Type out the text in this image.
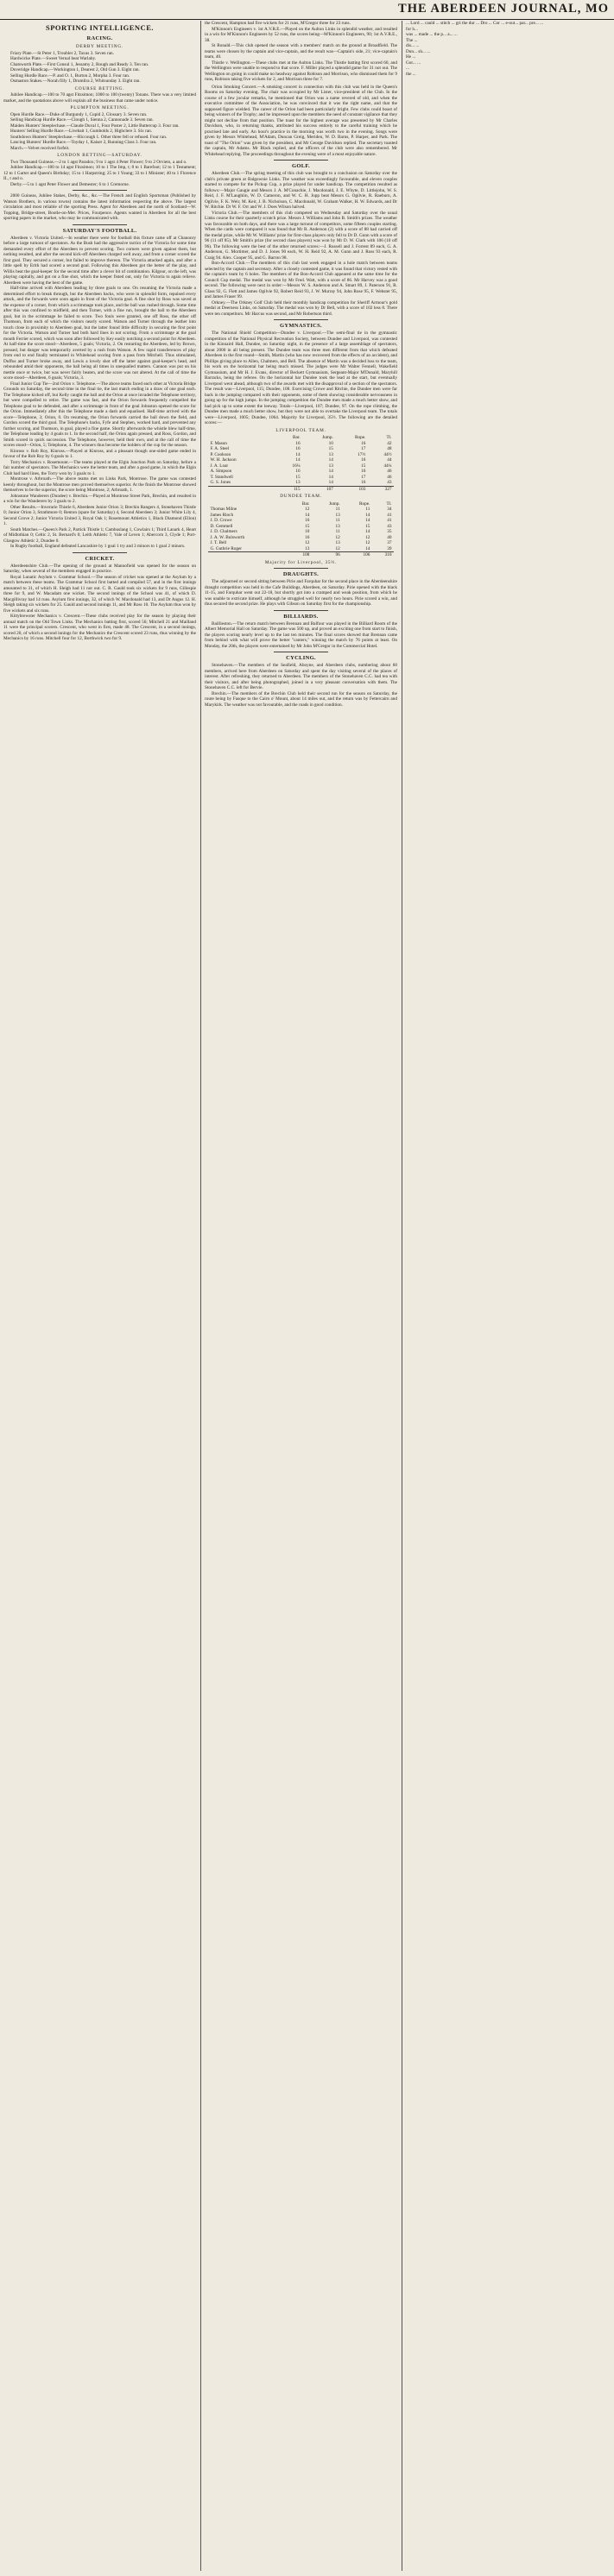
THE ABERDEEN JOURNAL, MO
SPORTING INTELLIGENCE.
RACING.
DERBY MEETING.

Friary Plate.—St Peter 1, Troubler 2, Taxus 3. Seven ran.

Hardwicke Plate.—Sweet Vernal beat Warlaby.

Chatsworth Plate.—First Consul 1, Jessamy 2, Rough and Ready 3. Ten ran.

Doveridge Handicap.—Workington 1, Dearest 2, Old Gun 3. Eight ran.

Selling Hurdle Race.—P. and O. 1, Burton 2, Morpha 3. Four ran.

Osmaston Stakes.—Norah filly 1, Drumlira 2, Whitsunday 3. Eight ran.

COURSE BETTING.

Jubilee Handicap.—100 to 70 agst Fitzsimon; 1000 to 100 (twenty) Tonans. There was a very limited market, and the quotations above will explain all the business that came under notice.

PLUMPTON MEETING.

Open Hurdle Race.—Duke of Burgundy 1, Cupid 2, Glossary 3. Seven ran.

Selling Handicap Hurdle Race.—Clough 1, Sienna 2, Cannonade 3. Seven ran.

Maiden Hunters' Steeplechase.—Claude Duval 1, Four Poster 2, Little Buttercup 3. Four ran.

Hunters' Selling Hurdle Race.—Livebait 1, Gumbolds 2, Highclere 3. Six ran.

Southdown Hunters' Steeplechase.—Hiccough 1. Other three fell or refused. Four ran.

Lancing Hunters' Hurdle Race.—Toyday 1, Kaiser 2, Running Clara 3. Four ran.

March.—Velvet received forfeit.

LONDON BETTING—SATURDAY.

Two Thousand Guineas.—2 to 1 agst Paradox; 9 to 1 agst 4 Peter Flower; 9 to 2 Orvieto, a and o.

Jubilee Handicap.—100 to 14 agst Fitzsimon; 10 to 1 The Imp, t; 8 to 1 Barefoot; 12 to 1 Testament; 12 to 1 Garter and Queen's Birthday; 15 to 1 Harpstring; 25 to 1 Young; 33 to 1 Minister; 40 to 1 Florence II., t and o.

Derby.—5 to 1 agst Peter Flower and Demester; 6 to 1 Cremorne.

2000 Guineas, Jubilee Stakes, Derby, &c., &c.—The French and English Sportsman (Published by Watson Brothers, in various towns) contains the latest information respecting the above. The largest circulation and most reliable of the sporting Press. Agent for Aberdeen and the north of Scotland—W. Topping, Bridge-street, Bootle-on-Mer. Prices, Fourpence. Agents wanted in Aberdeen for all the best sporting papers in the market, who may be communicated with.

SATURDAY'S FOOTBALL.

Aberdeen v. Victoria United.—In weather there were for football this fixture came off at Chanonry before a large turnout of spectators. As the Bush had the aggressive tactics of the Victoria for some time demanded every effort of the Aberdeen to prevent scoring. Two corners were given against them, but nothing resulted, and after the second kick-off Aberdeen charged well away, and from a corner scored the first goal. They secured a corner, but failed to improve thereon. The Victoria attacked again, and after a little spell by Erith had scored a second goal. Following this Aberdeen got the better of the play, and Willis beat the goal-keeper for the second time after a clever bit of combination. Kilgour, on the left, was playing capitally, and got on a fine shot, which the keeper fisted out, only for Victoria to again relieve. Aberdeen were having the best of the game.

Half-time arrived with Aberdeen leading by three goals to one. On resuming the Victoria made a determined effort to break through, but the Aberdeen backs, who were in splendid form, repulsed every attack, and the forwards were soon again in front of the Victoria goal. A fine shot by Ross was saved at the expense of a corner, from which a scrimmage took place, and the ball was rushed through. Some time after this was confined to midfield, and then Turner, with a fine run, brought the ball to the Aberdeen goal, but in the scrimmage he failed to score. Two fouls were granted, one off Ross, the other off Thomson, from each of which the visitors nearly scored. Watson and Turner through the leather into touch close in proximity to Aberdeen goal, but the latter found little difficulty in securing the first point for the Victoria. Watson and Turner had both hard lines in not scoring. From a scrimmage at the goal mouth Ferrier scored, which was soon after followed by Key easily notching a second point for Aberdeen. At half-time the score stood—Aberdeen, 5 goals; Victoria, 2. On restarting the Aberdeen, led by Brown, pressed, but danger was temporarily averted by a rush from Watson. A few rapid transferences of play from end to end finally terminated in Whitehead scoring from a pass from Mitchell. Thus stimulated, Duffus and Turner broke away, and Lewis a lovely shot off the latter against goal-keeper's head, and rebounded amid their opponents, the ball being all times in unequalled matters. Cannon was put on his mettle once or twice, but was never fairly beaten, and the score was not altered. At the call of time the score stood—Aberdeen, 6 goals; Victoria, 3.

Final Junior Cup Tie—2nd Orion v. Telephone.—The above teams faced each other at Victoria Bridge Grounds on Saturday, the second time in the final tie, the last match ending in a draw of one goal each. The Telephone kicked off, but Kelly caught the ball and the Orion at once invaded the Telephone territory, but were compelled to retire. The game was fast, and the Orion forwards frequently compelled the Telephone goal to be defended, and after a scrimmage in front of the goal Johnston opened the score for the Orion. Immediately after this the Telephone made a dash and equalised. Half-time arrived with the score—Telephone, 3; Orion, 0. On resuming, the Orion forwards carried the ball down the field, and Gordon scored the third goal. The Telephone's backs, Fyfe and Stephen, worked hard, and prevented any further scoring, and Thomson, in goal, played a fine game. Shortly afterwards the whistle blew half-time, the Telephone leading by 4 goals to 1. In the second half, the Orion again pressed, and Ross, Gordon, and Smith scored in quick succession. The Telephone, however, held their own, and at the call of time the scores stood—Orion, 5; Telephone, 4. The winners thus become the holders of the cup for the season.

Kinross v. Rob Roy, Kinross.—Played at Kinross, and a pleasant though one-sided game ended in favour of the Rob Roy by 6 goals to 1.

Torry Mechanics v. Rosemount.—The teams played at the Elgin Junction Park on Saturday, before a fair number of spectators. The Mechanics were the better team, and after a good game, in which the Elgin Club had hard lines, the Torry won by 3 goals to 1.

Montrose v. Arbroath.—The above teams met on Links Park, Montrose. The game was contested keenly throughout, but the Montrose men proved themselves superior. At the finish the Montrose showed themselves to be the superior, the score being Montrose, 2; Arbroath, 1.

Johnstone Wanderers (Dundee) v. Brechin.—Played at Montrose Street Park, Brechin, and resulted in a win for the Wanderers by 3 goals to 2.

Other Results.—Inverurie Thistle 6, Aberdeen Junior Orion 3; Brechin Rangers 4, Stonehaven Thistle 0; Junior Orion 3, Strathmore 0; Renton (spare for Saturday) 4, Second Aberdeen 3; Junior White Lily 4, Second Grove 2; Junior Victoria United 3, Royal Oak 1; Rosemount Athletics 1, Black Diamond (Ellon) 1.

South Matches.—Queen's Park 2, Partick Thistle 1; Cambuslang 1, Cowlairs 1; Third Lanark 4, Heart of Midlothian 0; Celtic 2, St. Bernard's 0; Leith Athletic 7, Vale of Leven 1; Abercorn 3, Clyde 1; Port-Glasgow Athletic 2, Dundee 0.

In Rugby football, England defeated Lancashire by 1 goal 1 try and 3 minors to 1 goal 2 minors.

CRICKET.

Aberdeenshire Club.—The opening of the ground at Mannofield was opened for the season on Saturday, when several of the members engaged in practice.

Royal Lunatic Asylum v. Grammar School.—The season of cricket was opened at the Asylum by a match between these teams. The Grammar School first batted and compiled 57, and in the first innings amounted to 31, of which H. Sleigh had 11 not out. C. R. Gauld took six wickets for 9 runs, Gillespie three for 9, and W. Macadam one wicket. The second innings of the School was 41, of which D. Macgillivray had 14 runs. Asylum first innings, 32, of which W. Macdonald had 13, and Dr Angus 12. H. Sleigh taking six wickets for 25. Gauld and second innings 11, and Mr Ross 10. The Asylum thus won by five wickets and six runs.

Kittybrewster Mechanics v. Crescent.—These clubs received play for the season by playing their annual match on the Old Town Links. The Mechanics batting first, scored 56; Mitchell 21 and Mailland 11 were the principal scorers. Crescent, who went in first, made 48. The Crescent, in a second innings, scored 20, of which a second innings for the Mechanics the Crescent scored 23 runs, thus winning by the Mechanics by 16 runs. Mitchell four for 12, Borthwick two for 9.

the Crescent, Hampton had five wickets for 21 runs, M'Gregor three for 23 runs.

M'Kinnon's Engineers v. 1st A.V.R.E.—Played on the Aulton Links in splendid weather, and resulted in a win for M'Kinnon's Engineers by 52 runs, the scores being—M'Kinnon's Engineers, 90; 1st A.V.R.E., 38.

St Ronald.—This club opened the season with a members' match on the ground at Broadfield. The teams were chosen by the captain and vice-captain, and the result was—Captain's side, 21; vice-captain's team, 40.

Thistle v. Wellington.—These clubs met at the Aulton Links. The Thistle batting first scored 60, and the Wellington were unable to respond to that score. F. Miller played a splendid game for 31 not out. The Wellington on going in could make no headway against Robison and Morrison, who dismissed them for 9 runs, Robison taking five wickets for 2, and Morrison three for 7.

Orion Smoking Concert.—A smoking concert in connection with this club was held in the Queen's Rooms on Saturday evening. The chair was occupied by Mr Lister, vice-president of the Club. In the course of a few jocular remarks, he mentioned that Orion was a name revered of old, and when the executive committee of the Association, he was convinced that it was the right name, and that the supposed figure wielded. The career of the Orion had been particularly bright. Few clubs could boast of being winners of the Trophy; and he impressed upon the members the need of constant vigilance that they might not decline from that position. The toast for the highest average was presented by Mr Charles Davidson, who, in returning thanks, attributed his success entirely to the careful training which he practised late and early. An hour's practice in the morning was worth two in the evening. Songs were given by Messrs Whitehead, M'Adam, Duncan Greig, Meriden, W. D. Barns, P. Harper, and Park. The toast of "The Orion" was given by the president, and Mr George Davidson replied. The secretary toasted the captain, Mr Adams. Mr Black replied, and the officers of the club were also remembered. Mr Whitehead replying. The proceedings throughout the evening were of a most enjoyable nature.

GOLF.

Aberdeen Club.—The spring meeting of this club was brought to a conclusion on Saturday over the club's private green at Balgownie Links. The weather was exceedingly favourable, and eleven couples started to compete for the Pickup Cup, a prize played for under handicap. The competition resulted as follows:—Major Gaugie and Messrs J. A. M'Conachie, J. Macdonald, J. E. Whyte, D. Littlejohn, W. S. Reid, J. F. M'Laughlin, W. D. Cameron, and W. C. H. Jopp beat Messrs G. Ogilvie, R. Raeburn, A. Ogilvie, F. K. Weir, M. Keir, J. B. Nicholson, C. Macdonald, W. Graham Walker, H. W. Edwards, and Dr W. Ritchie. Dr W. F. Orr and W. J. Does Wilson halved.

Victoria Club.—The members of this club competed on Wednesday and Saturday over the usual Links course for their quarterly scratch prize. Messrs J. Williams and John B. Smith's prizes. The weather was favourable on both days, and there was a large turnout of competitors, some fifteen couples starting. When the cards were compared it was found that Mr R. Anderson (2) with a score of 88 had carried off the medal prize, while Mr W. Williams' prize for first-class players only fell to Dr D. Gunn with a score of 96 (11 off 85). Mr Smith's prize (for second class players) was won by Mr D. W. Clark with 106 (10 off 96). The following were the best of the other returned scores:—J. Russell and J. Forrest 89 each, G. A. Anderson, G. Mortimer, and D. J. Jones 90 each, W. H. Reid 92, A. M. Gunn and J. Ross 93 each, R. Craig 94. Alex. Cooper 95, and G. Barron 98.

Bon-Accord Club.—The members of this club last week engaged in a hole match between teams selected by the captain and secretary. After a closely contested game, it was found that victory rested with the captain's team by 6 holes. The members of the Bon-Accord Club appeared at the same time for the Council Cup medal. The medal was won by Mr Fred. Watt, with a score of 86. Mr Harvey was a good second. The following were next in order:—Messrs W. S. Anderson and A. Smart 89, J. Paterson 91, R. Glass 92, G. Flett and James Ogilvie 92, Robert Reid 93, J. W. Murray 94, John Rose 95, F. Webster 95, and James Fraser 99.

Orkney.—The Orkney Golf Club held their monthly handicap competition for Sheriff Armour's gold medal at Deerness Links, on Saturday. The medal was won by Dr Bell, with a score of 102 less 8. There were ten competitors. Mr Harcus was second, and Mr Robertson third.

GYMNASTICS.

The National Shield Competition—Dundee v. Liverpool.—The semi-final tie in the gymnastic competition of the National Physical Recreation Society, between Dundee and Liverpool, was contested in the Kinnaird Hall, Dundee, on Saturday night, in the presence of a large assemblage of spectators, about 2000 in all being present. The Dundee team was three men different from that which defeated Aberdeen in the first round—Smith, Martin (who has now recovered from the effects of an accident), and Phillips giving place to Allen, Chalmers, and Bell. The absence of Martin was a decided loss to the team, his work on the horizontal bar being much missed. The judges were Mr Walter Fennell, Wakefield Gymnasium, and Mr H. J. Evans, director of Beckett Gymnasium, Sergeant-Major M'Donald, Maryhill Barracks, being the referee. On the horizontal bar Dundee took the lead at the start, but eventually Liverpool went ahead, although two of the awards met with the disapproval of a section of the spectators. The result was—Liverpool, 115; Dundee, 108. Exercising Crowe and Ritchie, the Dundee men were far back in the jumping compared with their opponents, some of them showing considerable nervousness in going up for the high jumps. In the jumping competition the Dundee men made a much better show, and had pick up to some extent the leeway. Totals—Liverpool, 107; Dundee, 97. On the rope climbing, the Dundee men made a much better show, but they were not able to overtake the Liverpool team. The totals were—Liverpool, 1005; Dundee, 1064. Majority for Liverpool, 35½. The following are the detailed scores:—

LIVERPOOL TEAM.
	Bar.	Jump.	Rope.	Tl.
F. Mason	16	10	16	42
F. A. Steel	16	15	17	48
P. Cookson	14	13	17½	44½
W. H. Jackson	14	14	16	44
J. A. Loar	16¼	13	15	44¼
A. Simpson	16	14	16	46
T. Standwell	15	14	17	46
G. S. Jones	13	14	16	43
	115	107	103	327
DUNDEE TEAM.
	Bar.	Jump.	Rope.	Tl.
Thomas Milne	12	11	11	34
James Rioch	14	13	14	41
J. D. Crowe	16	11	14	41
D. Gemmell	15	13	15	43
J. D. Chalmers	10	11	14	35
J. A. W. Bulsworth	16	12	12	40
J. T. Bell	12	13	12	37
G. Guthrie Roger	13	12	14	39
	108	96	106	310
Majority for Liverpool, 35½.
DRAUGHTS.

The adjourned or second sitting between Pirie and Farquhar for the second place in the Aberdeenshire draught competition was held in the Cafe Buildings, Aberdeen, on Saturday. Pirie opened with the black 11-15, and Farquhar went out 22-18, but shortly got into a cramped and weak position, from which he was unable to extricate himself, although he struggled well for nearly two hours. Pirie scored a win, and thus secured the second prize. He plays with Gibson on Saturday first for the championship.

BILLIARDS.

Baillieston.—The return match between Brennan and Balfour was played in the Billiard Room of the Albert Memorial Hall on Saturday. The game was 500 up, and proved an exciting one from start to finish, the players scoring nearly level up to the last ten minutes. The final scores showed that Brennan came from behind with what will prove the better "canters," winning the match by 76 points at least. On Monday, the 20th, the players were entertained by Mr John M'Gregor in the Commercial Hotel.

CYCLING.

Stonehaven.—The members of the Seafield, Aboyne, and Aberdeen clubs, numbering about 60 members, arrived here from Aberdeen on Saturday and spent the day visiting several of the places of interest. After refreshing, they returned to Aberdeen. The members of the Stonehaven C.C. had tea with their visitors, and after being photographed, joined in a very pleasant conversation with them. The Stonehaven C.C. left for Bervie.

Brechin.—The members of the Brechin Club held their second run for the season on Saturday, the route being by Fasque to the Cairn o' Mount, about 14 miles out, and the return was by Fettercairn and Marykirk. The weather was not favourable, and the roads in good condition.

... Lord ... cauld ... stitch ... gri the dur ... Dro ... Cor ... e-out... par... pre... ...

for h...

was ... made ... the p... a... ...

The ...

dis... ...

Dun... sh... ...

He ...

Gor... ...

...

the ...
